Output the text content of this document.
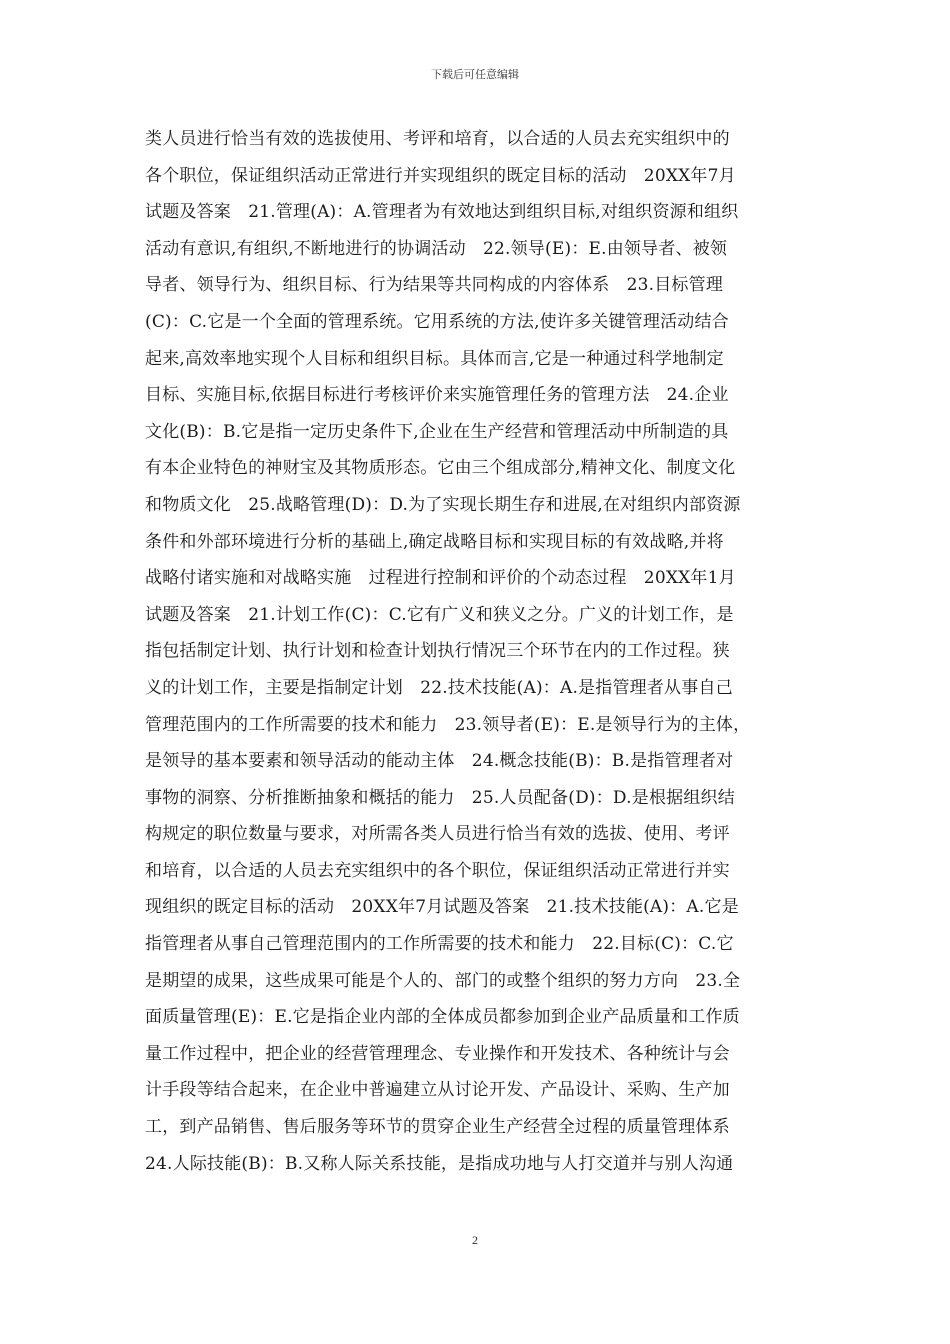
下载后可任意编辑
类人员进行恰当有效的选拔使用、考评和培育，以合适的人员去充实组织中的
各个职位，保证组织活动正常进行并实现组织的既定目标的活动　20XX年7月
试题及答案　21.管理(A)：A.管理者为有效地达到组织目标,对组织资源和组织
活动有意识,有组织,不断地进行的协调活动　22.领导(E)：E.由领导者、被领
导者、领导行为、组织目标、行为结果等共同构成的内容体系　23.目标管理
(C)：C.它是一个全面的管理系统。它用系统的方法,使许多关键管理活动结合
起来,高效率地实现个人目标和组织目标。具体而言,它是一种通过科学地制定
目标、实施目标,依据目标进行考核评价来实施管理任务的管理方法　24.企业
文化(B)：B.它是指一定历史条件下,企业在生产经营和管理活动中所制造的具
有本企业特色的神财宝及其物质形态。它由三个组成部分,精神文化、制度文化
和物质文化　25.战略管理(D)：D.为了实现长期生存和进展,在对组织内部资源
条件和外部环境进行分析的基础上,确定战略目标和实现目标的有效战略,并将
战略付诸实施和对战略实施　过程进行控制和评价的个动态过程　20XX年1月
试题及答案　21.计划工作(C)：C.它有广义和狭义之分。广义的计划工作，是
指包括制定计划、执行计划和检查计划执行情况三个环节在内的工作过程。狭
义的计划工作，主要是指制定计划　22.技术技能(A)：A.是指管理者从事自己
管理范围内的工作所需要的技术和能力　23.领导者(E)：E.是领导行为的主体，
是领导的基本要素和领导活动的能动主体　24.概念技能(B)：B.是指管理者对
事物的洞察、分析推断抽象和概括的能力　25.人员配备(D)：D.是根据组织结
构规定的职位数量与要求，对所需各类人员进行恰当有效的选拔、使用、考评
和培育，以合适的人员去充实组织中的各个职位，保证组织活动正常进行并实
现组织的既定目标的活动　20XX年7月试题及答案　21.技术技能(A)：A.它是
指管理者从事自己管理范围内的工作所需要的技术和能力　22.目标(C)：C.它
是期望的成果，这些成果可能是个人的、部门的或整个组织的努力方向　23.全
面质量管理(E)：E.它是指企业内部的全体成员都参加到企业产品质量和工作质
量工作过程中，把企业的经营管理理念、专业操作和开发技术、各种统计与会
计手段等结合起来，在企业中普遍建立从讨论开发、产品设计、采购、生产加
工，到产品销售、售后服务等环节的贯穿企业生产经营全过程的质量管理体系
24.人际技能(B)：B.又称人际关系技能，是指成功地与人打交道并与别人沟通
2
